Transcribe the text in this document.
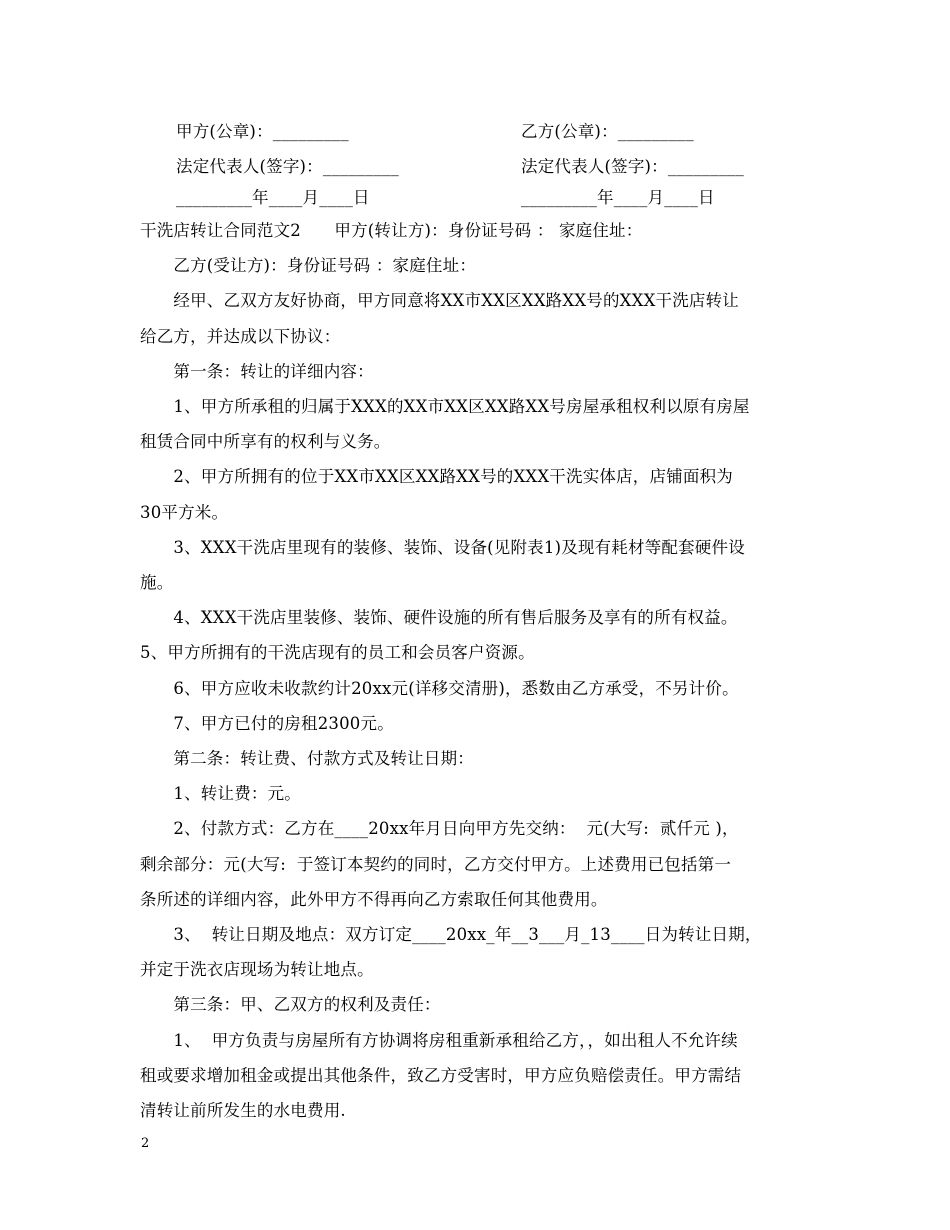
甲方(公章)：_________	乙方(公章)：_________
法定代表人(签字)：_________	法定代表人(签字)：_________
_________年____月____日	_________年____月____日
干洗店转让合同范文2　　甲方(转让方)：身份证号码 ： 家庭住址：
　　乙方(受让方)：身份证号码 ：家庭住址：
　　经甲、乙双方友好协商，甲方同意将XX市XX区XX路XX号的XXX干洗店转让
给乙方，并达成以下协议：
　　第一条：转让的详细内容：
　　1、甲方所承租的归属于XXX的XX市XX区XX路XX号房屋承租权利以原有房屋
租赁合同中所享有的权利与义务。
　　2、甲方所拥有的位于XX市XX区XX路XX号的XXX干洗实体店，店铺面积为
30平方米。
　　3、XXX干洗店里现有的装修、装饰、设备(见附表1)及现有耗材等配套硬件设
施。
　　4、XXX干洗店里装修、装饰、硬件设施的所有售后服务及享有的所有权益。
5、甲方所拥有的干洗店现有的员工和会员客户资源。
　　6、甲方应收未收款约计20xx元(详移交清册)，悉数由乙方承受，不另计价。
　　7、甲方已付的房租2300元。
　　第二条：转让费、付款方式及转让日期：
　　1、转让费：元。
　　2、付款方式：乙方在____20xx年月日向甲方先交纳：  元(大写:  贰仟元 )，
剩余部分：元(大写:  于签订本契约的同时，乙方交付甲方。上述费用已包括第一
条所述的详细内容，此外甲方不得再向乙方索取任何其他费用。
　　3、  转让日期及地点：双方订定____20xx_年__3___月_13____日为转让日期，
并定于洗衣店现场为转让地点。
　　第三条：甲、乙双方的权利及责任：
　　1、  甲方负责与房屋所有方协调将房租重新承租给乙方，，如出租人不允许续
租或要求增加租金或提出其他条件，致乙方受害时，甲方应负赔偿责任。甲方需结
清转让前所发生的水电费用.
2
